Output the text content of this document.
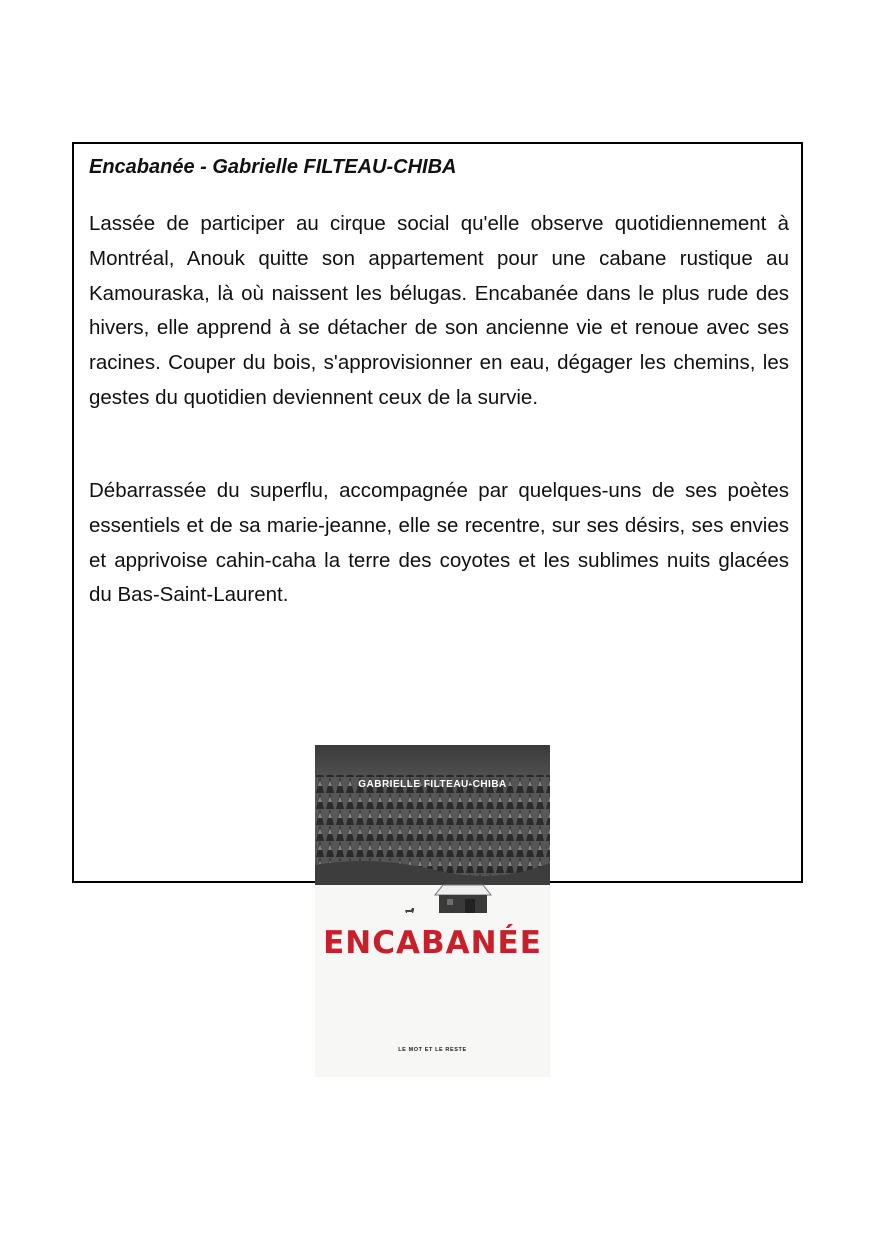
Encabanée - Gabrielle FILTEAU-CHIBA

Lassée de participer au cirque social qu'elle observe quotidiennement à Montréal, Anouk quitte son appartement pour une cabane rustique au Kamouraska, là où naissent les bélugas. Encabanée dans le plus rude des hivers, elle apprend à se détacher de son ancienne vie et renoue avec ses racines. Couper du bois, s'approvisionner en eau, dégager les chemins, les gestes du quotidien deviennent ceux de la survie.

Débarrassée du superflu, accompagnée par quelques-uns de ses poètes essentiels et de sa marie-jeanne, elle se recentre, sur ses désirs, ses envies et apprivoise cahin-caha la terre des coyotes et les sublimes nuits glacées du Bas-Saint-Laurent.

GABRIELLE FILTEAU-CHIBA
ENCABANÉE
LE MOT ET LE RESTE
